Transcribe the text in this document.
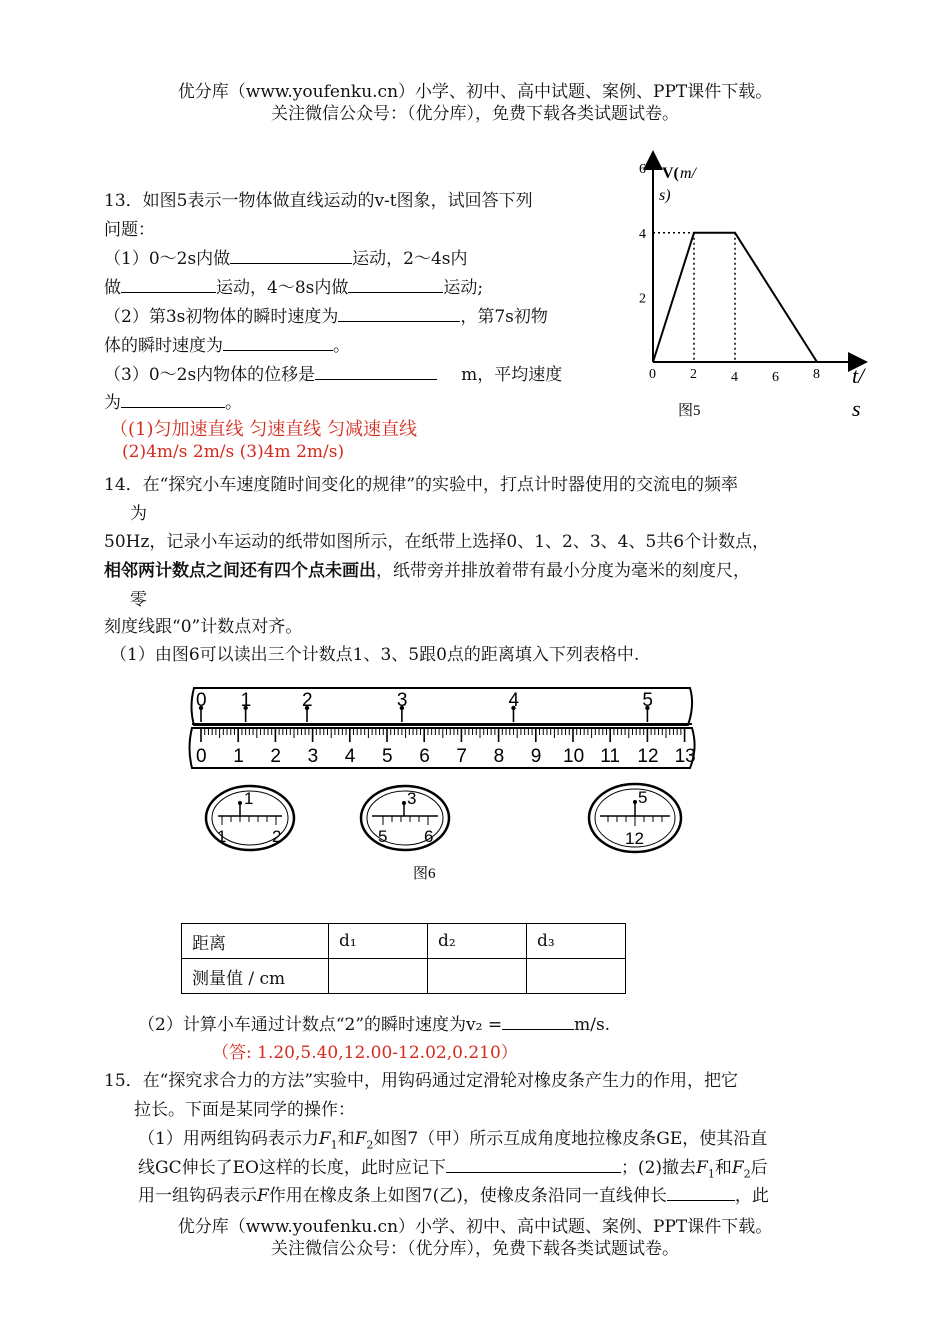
优分库（www.youfenku.cn）小学、初中、高中试题、案例、PPT课件下载。
关注微信公众号：（优分库），免费下载各类试题试卷。
13．如图5表示一物体做直线运动的v-t图象，试回答下列
问题：
（1）0～2s内做	运动，2～4s内
做	运动，4～8s内做	运动;
（2）第3s初物体的瞬时速度为	，第7s初物
体的瞬时速度为	。
（3）0～2s内物体的位移是	m，平均速度
为	。
（(1)匀加速直线 匀速直线 匀减速直线
(2)4m/s 2m/s (3)4m 2m/s)
V( m/
s)
t/
s
6
4
2
0 2 4 6 8
图5
14．在“探究小车速度随时间变化的规律”的实验中，打点计时器使用的交流电的频率
为
50Hz，记录小车运动的纸带如图所示，在纸带上选择0、1、2、3、4、5共6个计数点，
相邻两计数点之间还有四个点未画出，纸带旁并排放着带有最小分度为毫米的刻度尺，
零
刻度线跟“0”计数点对齐。
（1）由图6可以读出三个计数点1、3、5跟0点的距离填入下列表格中.
0 1	2	3	4	5
0 1 2 3 4 5 6 7 8 9 10 11 12 13
1
1	2
3
5 6
5
12
图6
距离	d₁	d₂	d₃
测量值 / cm			
（2）计算小车通过计数点“2”的瞬时速度为v₂ =	m/s.
（答: 1.20,5.40,12.00-12.02,0.210）
15．在“探究求合力的方法”实验中，用钩码通过定滑轮对橡皮条产生力的作用，把它
拉长。下面是某同学的操作：
（1）用两组钩码表示力$F_1$和$F_2$如图7（甲）所示互成角度地拉橡皮条GE，使其沿直
线GC伸长了EO这样的长度，此时应记下	；(2)撤去$F_1$和$F_2$后
用一组钩码表示F作用在橡皮条上如图7(乙)，使橡皮条沿同一直线伸长	，此
优分库（www.youfenku.cn）小学、初中、高中试题、案例、PPT课件下载。
关注微信公众号：（优分库），免费下载各类试题试卷。
